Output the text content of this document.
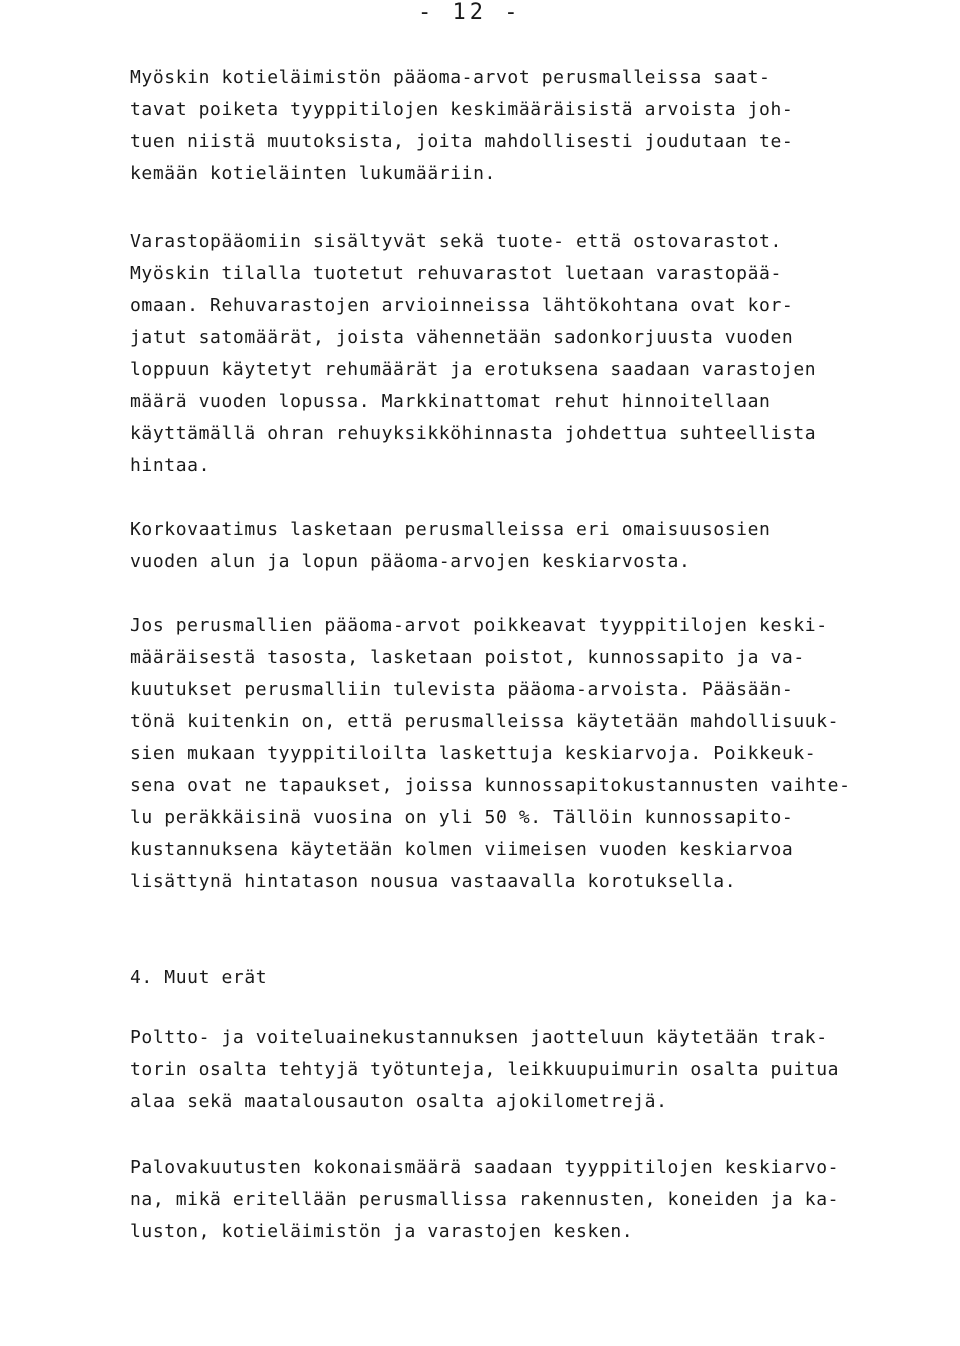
- 12 -
Myöskin kotieläimistön pääoma-arvot perusmalleissa saat-
tavat poiketa tyyppitilojen keskimääräisistä arvoista joh-
tuen niistä muutoksista, joita mahdollisesti joudutaan te-
kemään kotieläinten lukumääriin.
Varastopääomiin sisältyvät sekä tuote- että ostovarastot.
Myöskin tilalla tuotetut rehuvarastot luetaan varastopää-
omaan. Rehuvarastojen arvioinneissa lähtökohtana ovat kor-
jatut satomäärät, joista vähennetään sadonkorjuusta vuoden
loppuun käytetyt rehumäärät ja erotuksena saadaan varastojen
määrä vuoden lopussa. Markkinattomat rehut hinnoitellaan
käyttämällä ohran rehuyksikköhinnasta johdettua suhteellista
hintaa.
Korkovaatimus lasketaan perusmalleissa eri omaisuusosien
vuoden alun ja lopun pääoma-arvojen keskiarvosta.
Jos perusmallien pääoma-arvot poikkeavat tyyppitilojen keski-
määräisestä tasosta, lasketaan poistot, kunnossapito ja va-
kuutukset perusmalliin tulevista pääoma-arvoista. Pääsään-
tönä kuitenkin on, että perusmalleissa käytetään mahdollisuuk-
sien mukaan tyyppitiloilta laskettuja keskiarvoja. Poikkeuk-
sena ovat ne tapaukset, joissa kunnossapitokustannusten vaihte-
lu peräkkäisinä vuosina on yli 50 %. Tällöin kunnossapito-
kustannuksena käytetään kolmen viimeisen vuoden keskiarvoa
lisättynä hintatason nousua vastaavalla korotuksella.
4. Muut erät
Poltto- ja voiteluainekustannuksen jaotteluun käytetään trak-
torin osalta tehtyjä työtunteja, leikkuupuimurin osalta puitua
alaa sekä maatalousauton osalta ajokilometrejä.
Palovakuutusten kokonaismäärä saadaan tyyppitilojen keskiarvo-
na, mikä eritellään perusmallissa rakennusten, koneiden ja ka-
luston, kotieläimistön ja varastojen kesken.
